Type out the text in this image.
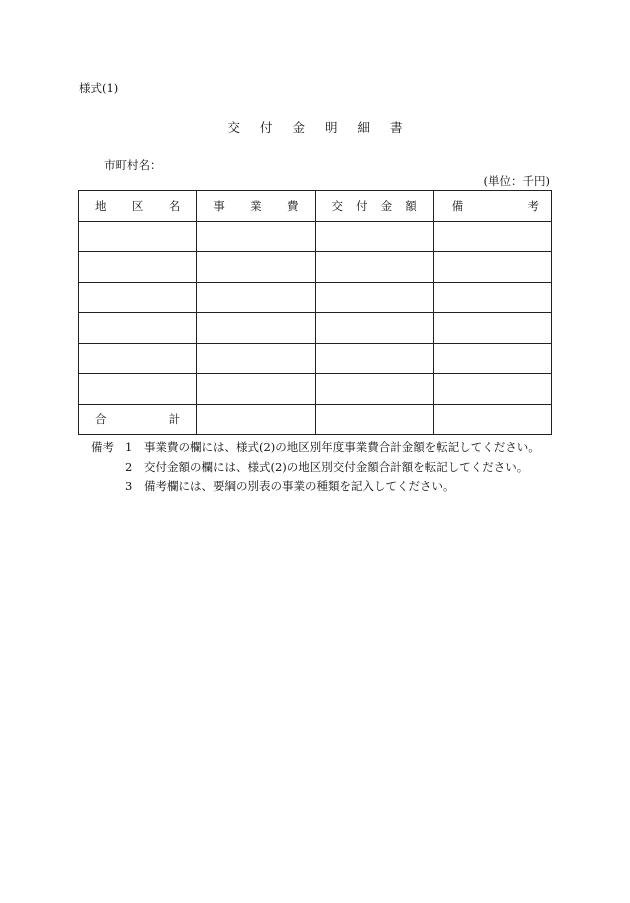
様式(1)
交 付 金 明 細 書
市町村名：
(単位：千円)
地 区 名	事 業 費	交 付 金 額	備 考

合 計			

備考 1	事業費の欄には、様式(2)の地区別年度事業費合計金額を転記してください。
2	交付金額の欄には、様式(2)の地区別交付金額合計額を転記してください。
3	備考欄には、要綱の別表の事業の種類を記入してください。
